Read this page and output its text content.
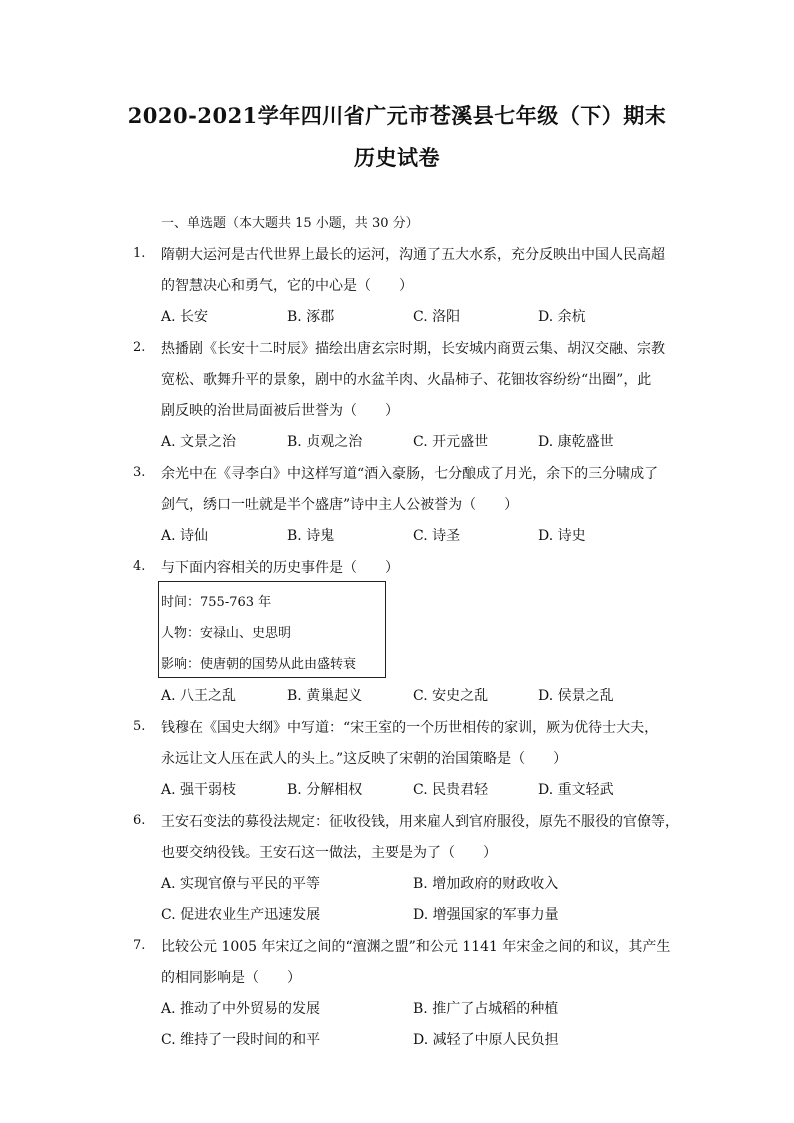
2020-2021学年四川省广元市苍溪县七年级（下）期末
历史试卷
一、单选题（本大题共 15 小题，共 30 分）
1. 隋朝大运河是古代世界上最长的运河，沟通了五大水系，充分反映出中国人民高超
的智慧决心和勇气，它的中心是（　　）
A. 长安	B. 涿郡	C. 洛阳	D. 余杭
2. 热播剧《长安十二时辰》描绘出唐玄宗时期，长安城内商贾云集、胡汉交融、宗教
宽松、歌舞升平的景象，剧中的水盆羊肉、火晶柿子、花钿妆容纷纷“出圈”，此
剧反映的治世局面被后世誉为（　　）
A. 文景之治	B. 贞观之治	C. 开元盛世	D. 康乾盛世
3. 余光中在《寻李白》中这样写道“酒入豪肠，七分酿成了月光，余下的三分啸成了
剑气，绣口一吐就是半个盛唐”诗中主人公被誉为（　　）
A. 诗仙	B. 诗鬼	C. 诗圣	D. 诗史
4. 与下面内容相关的历史事件是（　　）
时间：755-763 年
人物：安禄山、史思明
影响：使唐朝的国势从此由盛转衰
A. 八王之乱	B. 黄巢起义	C. 安史之乱	D. 侯景之乱
5. 钱穆在《国史大纲》中写道：“宋王室的一个历世相传的家训，厥为优待士大夫，
永远让文人压在武人的头上。”这反映了宋朝的治国策略是（　　）
A. 强干弱枝	B. 分解相权	C. 民贵君轻	D. 重文轻武
6. 王安石变法的募役法规定：征收役钱，用来雇人到官府服役，原先不服役的官僚等，
也要交纳役钱。王安石这一做法，主要是为了（　　）
A. 实现官僚与平民的平等	B. 增加政府的财政收入
C. 促进农业生产迅速发展	D. 增强国家的军事力量
7. 比较公元 1005 年宋辽之间的“澶渊之盟”和公元 1141 年宋金之间的和议，其产生
的相同影响是（　　）
A. 推动了中外贸易的发展	B. 推广了占城稻的种植
C. 维持了一段时间的和平	D. 减轻了中原人民负担
